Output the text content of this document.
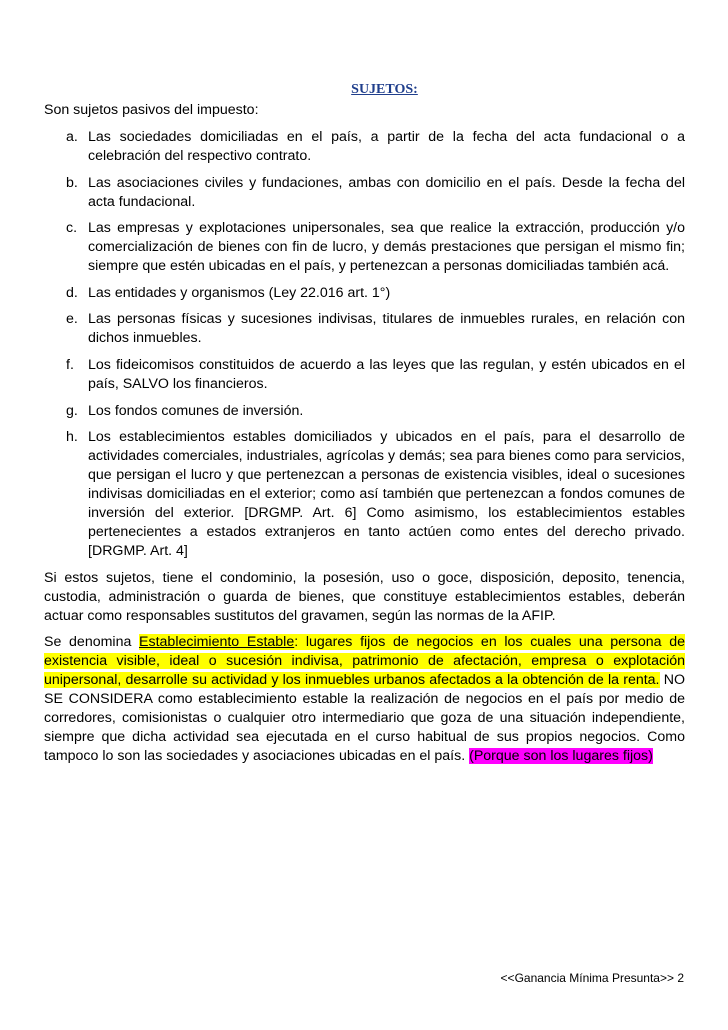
SUJETOS:

Son sujetos pasivos del impuesto:

a. Las sociedades domiciliadas en el país, a partir de la fecha del acta fundacional o a celebración del respectivo contrato.
b. Las asociaciones civiles y fundaciones, ambas con domicilio en el país. Desde la fecha del acta fundacional.
c. Las empresas y explotaciones unipersonales, sea que realice la extracción, producción y/o comercialización de bienes con fin de lucro, y demás prestaciones que persigan el mismo fin; siempre que estén ubicadas en el país, y pertenezcan a personas domiciliadas también acá.
d. Las entidades y organismos (Ley 22.016 art. 1°)
e. Las personas físicas y sucesiones indivisas, titulares de inmuebles rurales, en relación con dichos inmuebles.
f. Los fideicomisos constituidos de acuerdo a las leyes que las regulan, y estén ubicados en el país, SALVO los financieros.
g. Los fondos comunes de inversión.
h. Los establecimientos estables domiciliados y ubicados en el país, para el desarrollo de actividades comerciales, industriales, agrícolas y demás; sea para bienes como para servicios, que persigan el lucro y que pertenezcan a personas de existencia visibles, ideal o sucesiones indivisas domiciliadas en el exterior; como así también que pertenezcan a fondos comunes de inversión del exterior. [DRGMP. Art. 6] Como asimismo, los establecimientos estables pertenecientes a estados extranjeros en tanto actúen como entes del derecho privado. [DRGMP. Art. 4]

Si estos sujetos, tiene el condominio, la posesión, uso o goce, disposición, deposito, tenencia, custodia, administración o guarda de bienes, que constituye establecimientos estables, deberán actuar como responsables sustitutos del gravamen, según las normas de la AFIP.

Se denomina Establecimiento Estable: lugares fijos de negocios en los cuales una persona de existencia visible, ideal o sucesión indivisa, patrimonio de afectación, empresa o explotación unipersonal, desarrolle su actividad y los inmuebles urbanos afectados a la obtención de la renta. NO SE CONSIDERA como establecimiento estable la realización de negocios en el país por medio de corredores, comisionistas o cualquier otro intermediario que goza de una situación independiente, siempre que dicha actividad sea ejecutada en el curso habitual de sus propios negocios. Como tampoco lo son las sociedades y asociaciones ubicadas en el país. (Porque son los lugares fijos)

<<Ganancia Mínima Presunta>> 2
